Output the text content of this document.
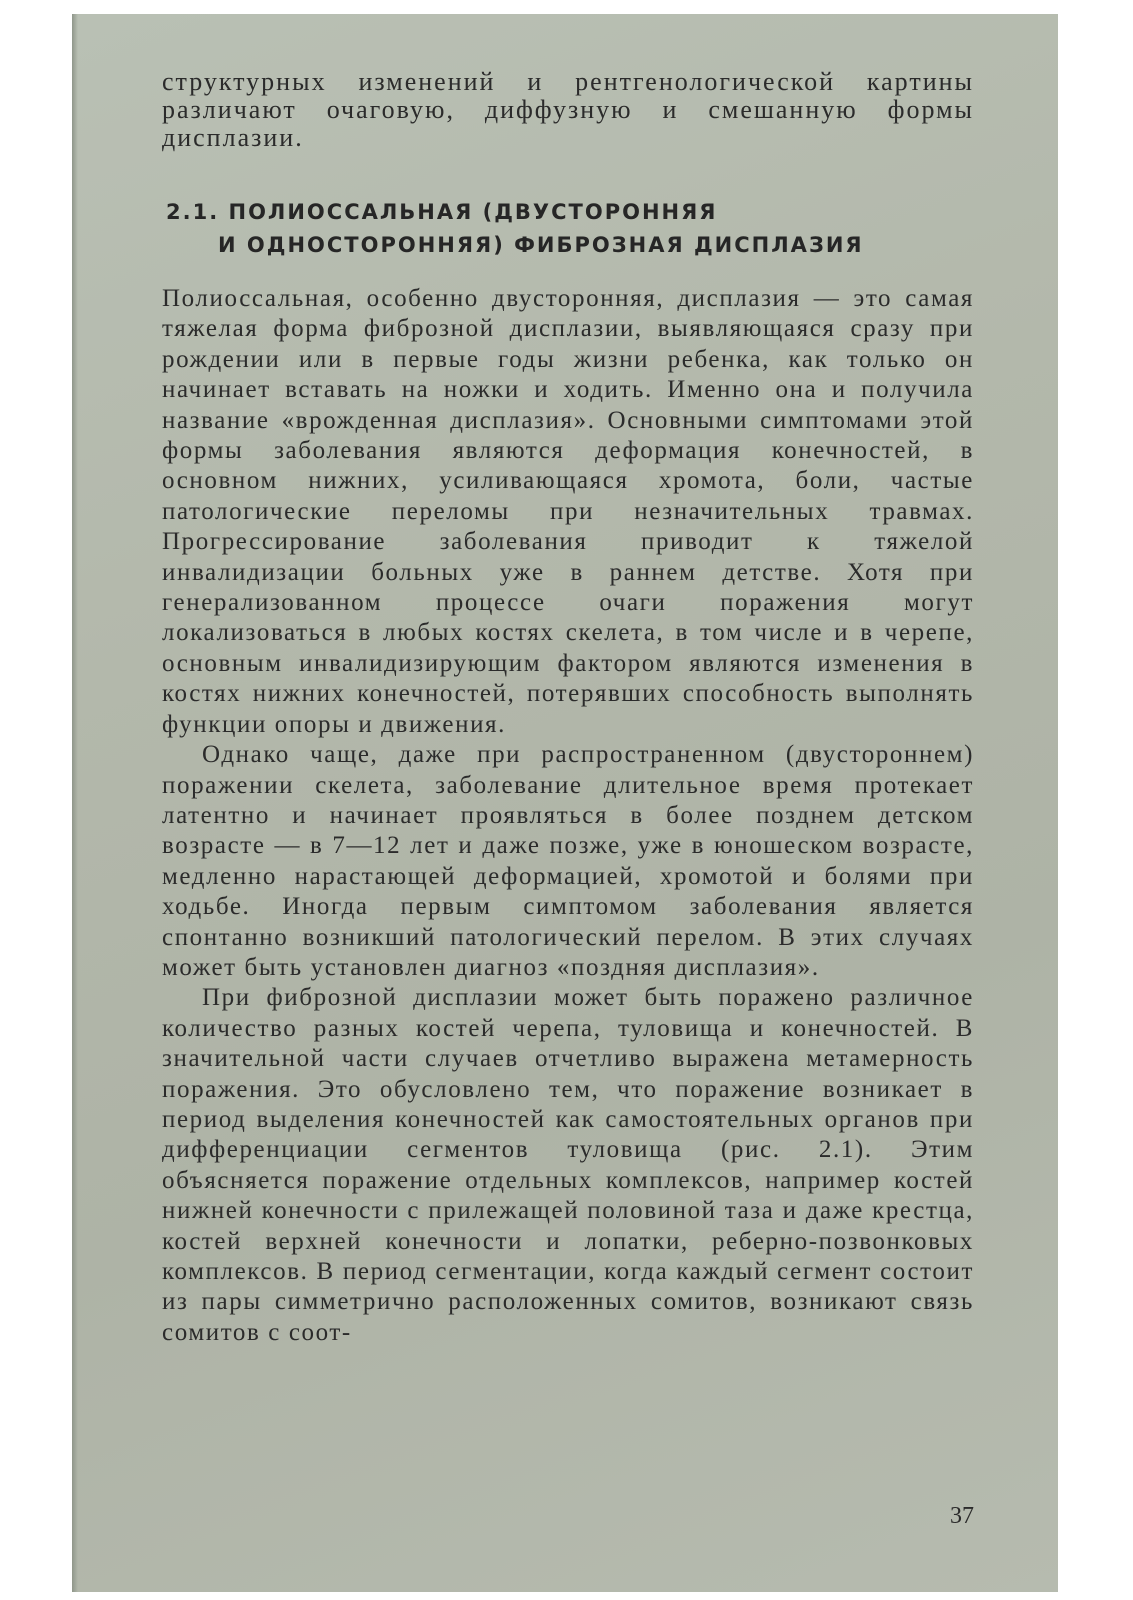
структурных изменений и рентгенологической картины различают очаговую, диффузную и смешанную формы дисплазии.

2.1. ПОЛИОССАЛЬНАЯ (ДВУСТОРОННЯЯ
И ОДНОСТОРОННЯЯ) ФИБРОЗНАЯ ДИСПЛАЗИЯ

Полиоссальная, особенно двусторонняя, дисплазия — это самая тяжелая форма фиброзной дисплазии, выявляющаяся сразу при рождении или в первые годы жизни ребенка, как только он начинает вставать на ножки и ходить. Именно она и получила название «врожденная дисплазия». Основными симптомами этой формы заболевания являются деформация конечностей, в основном нижних, усиливающаяся хромота, боли, частые патологические переломы при незначительных травмах. Прогрессирование заболевания приводит к тяжелой инвалидизации больных уже в раннем детстве. Хотя при генерализованном процессе очаги поражения могут локализоваться в любых костях скелета, в том числе и в черепе, основным инвалидизирующим фактором являются изменения в костях нижних конечностей, потерявших способность выполнять функции опоры и движения.

Однако чаще, даже при распространенном (двустороннем) поражении скелета, заболевание длительное время протекает латентно и начинает проявляться в более позднем детском возрасте — в 7—12 лет и даже позже, уже в юношеском возрасте, медленно нарастающей деформацией, хромотой и болями при ходьбе. Иногда первым симптомом заболевания является спонтанно возникший патологический перелом. В этих случаях может быть установлен диагноз «поздняя дисплазия».

При фиброзной дисплазии может быть поражено различное количество разных костей черепа, туловища и конечностей. В значительной части случаев отчетливо выражена метамерность поражения. Это обусловлено тем, что поражение возникает в период выделения конечностей как самостоятельных органов при дифференциации сегментов туловища (рис. 2.1). Этим объясняется поражение отдельных комплексов, например костей нижней конечности с прилежащей половиной таза и даже крестца, костей верхней конечности и лопатки, реберно-позвонковых комплексов. В период сегментации, когда каждый сегмент состоит из пары симметрично расположенных сомитов, возникают связь сомитов с соот-

37
